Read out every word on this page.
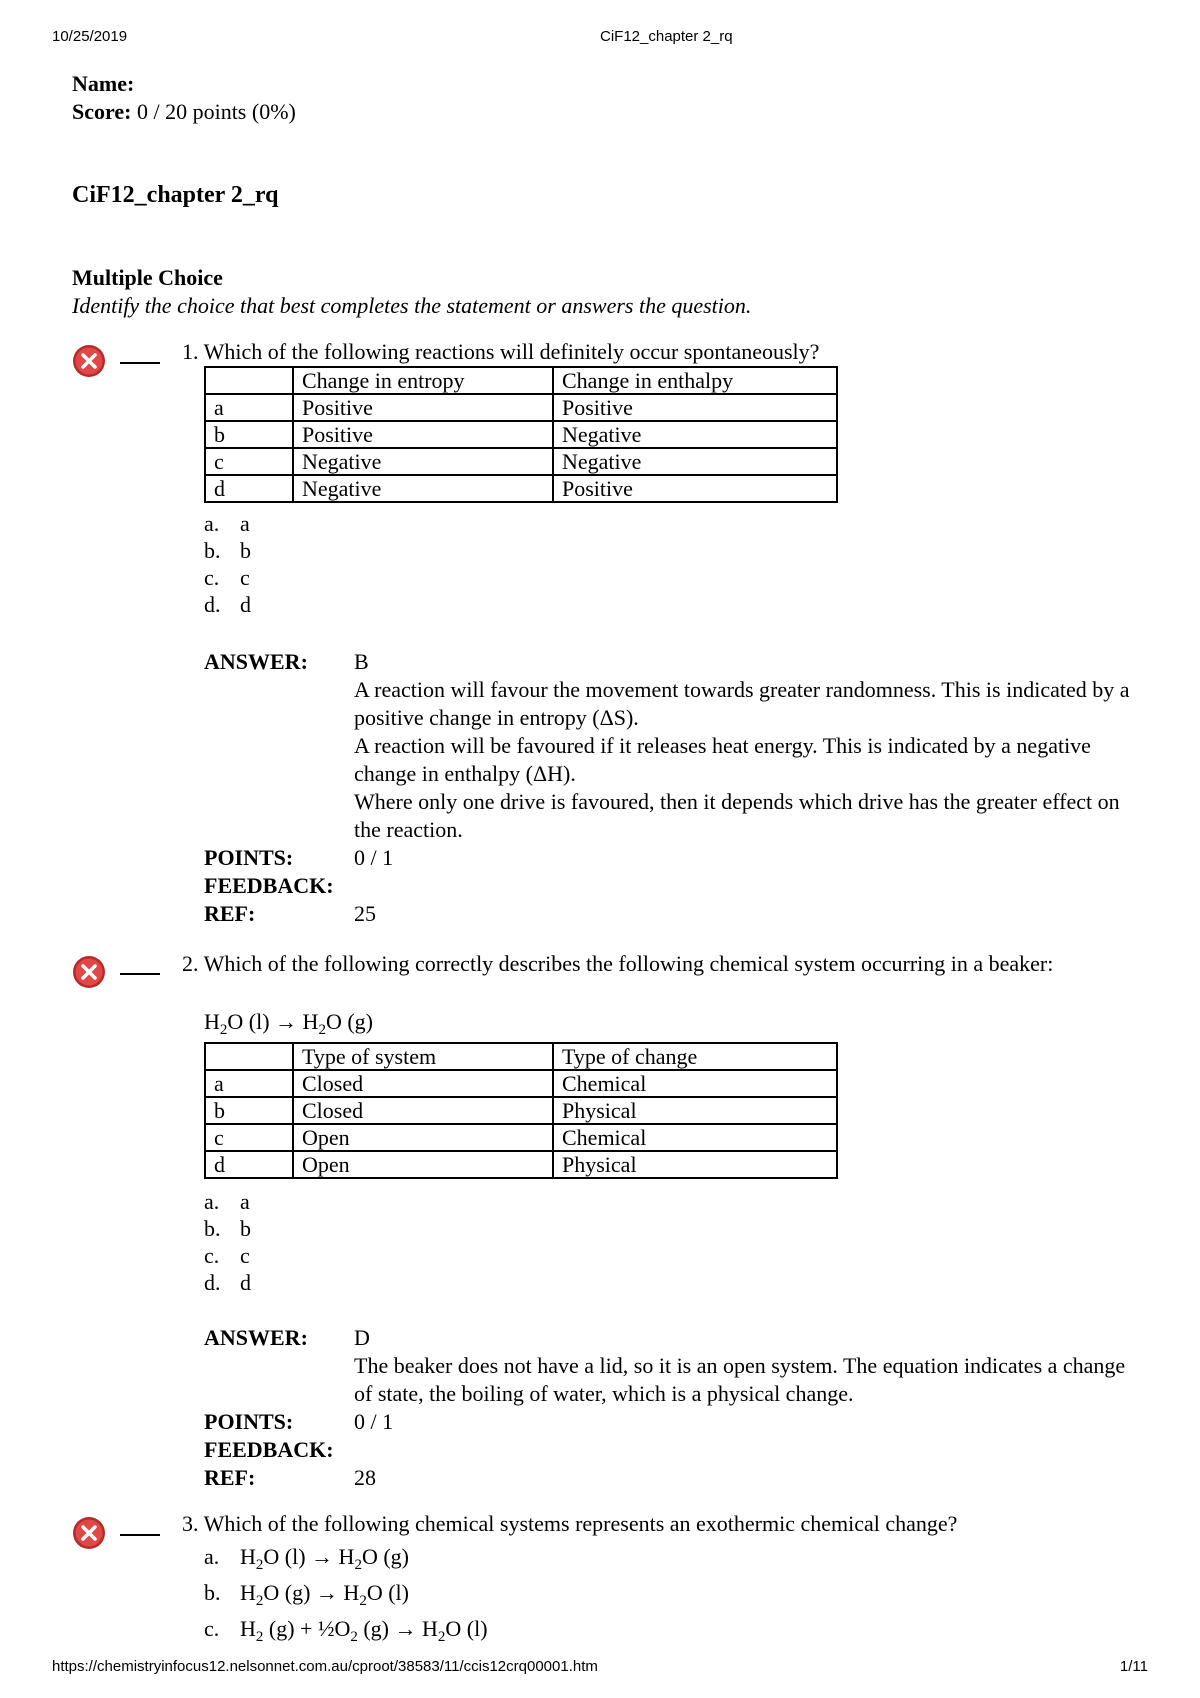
10/25/2019	CiF12_chapter 2_rq
Name:
Score: 0 / 20 points (0%)
CiF12_chapter 2_rq
Multiple Choice
Identify the choice that best completes the statement or answers the question.
1. Which of the following reactions will definitely occur spontaneously?
	Change in entropy	Change in enthalpy
a	Positive	Positive
b	Positive	Negative
c	Negative	Negative
d	Negative	Positive
a. a
b. b
c. c
d. d
ANSWER: B
A reaction will favour the movement towards greater randomness. This is indicated by a positive change in entropy (ΔS).
A reaction will be favoured if it releases heat energy. This is indicated by a negative change in enthalpy (ΔH).
Where only one drive is favoured, then it depends which drive has the greater effect on the reaction.
POINTS:	0 / 1
FEEDBACK:
REF:	25
2. Which of the following correctly describes the following chemical system occurring in a beaker:
$H_2O$ $(l) \to H_2O$ (g)
	Type of system	Type of change
a	Closed	Chemical
b	Closed	Physical
c	Open	Chemical
d	Open	Physical
a. a
b. b
c. c
d. d
ANSWER: D
The beaker does not have a lid, so it is an open system. The equation indicates a change of state, the boiling of water, which is a physical change.
POINTS:	0 / 1
FEEDBACK:
REF:	28
3. Which of the following chemical systems represents an exothermic chemical change?
a. $H_2O$ $(l) \to H_2O$ (g)
b. $H_2O$ $(g) \to H_2O$ (l)
c. $H_2$ $(g) + \frac{1}{2}O_2$ $(g) \to H_2O$ (l)
https://chemistryinfocus12.nelsonnet.com.au/cproot/38583/11/ccis12crq00001.htm	1/11
